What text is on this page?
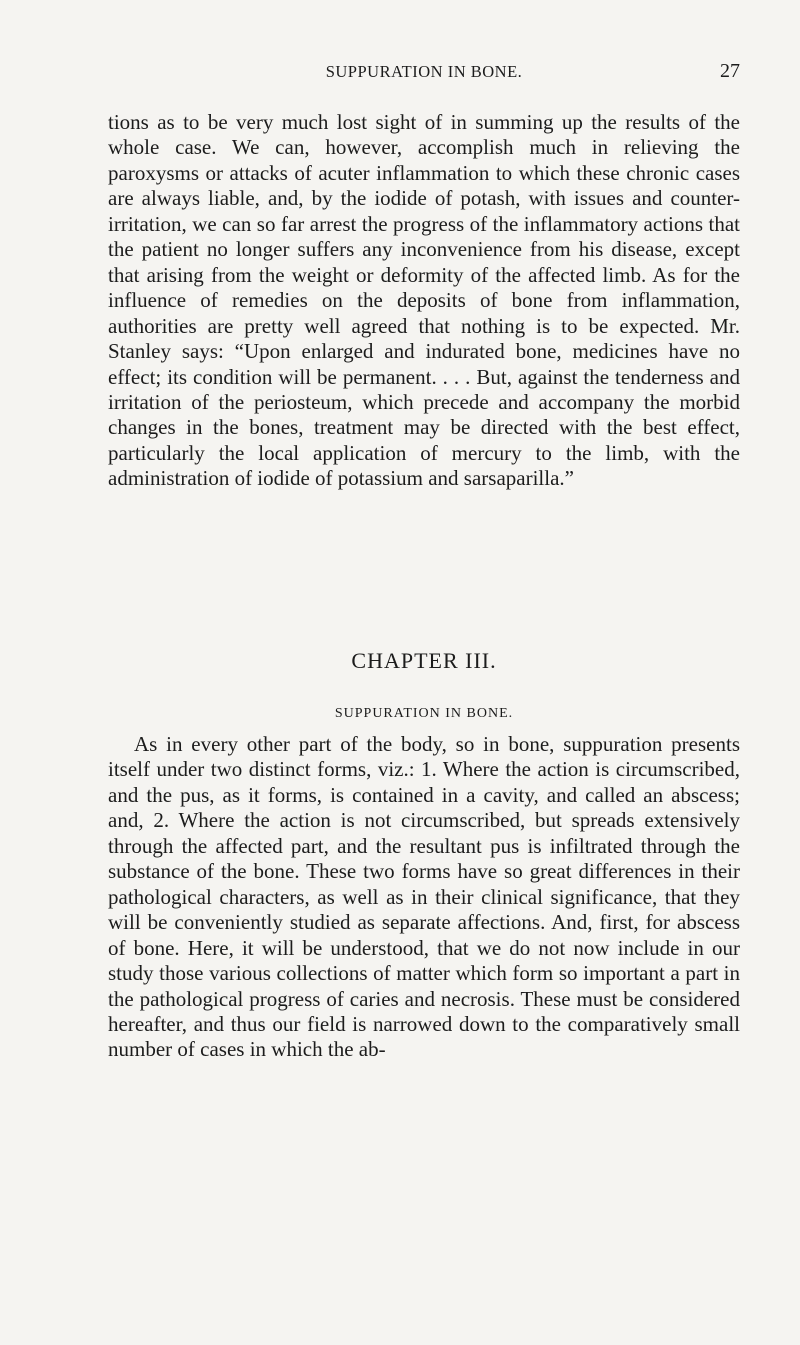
SUPPURATION IN BONE.	27

tions as to be very much lost sight of in summing up the results of the whole case. We can, however, accomplish much in relieving the paroxysms or attacks of acuter inflammation to which these chronic cases are always liable, and, by the iodide of potash, with issues and counter-irritation, we can so far arrest the progress of the inflammatory actions that the patient no longer suffers any inconvenience from his disease, except that arising from the weight or deformity of the affected limb. As for the influence of remedies on the deposits of bone from inflammation, authorities are pretty well agreed that nothing is to be expected. Mr. Stanley says: “Upon enlarged and indurated bone, medicines have no effect; its condition will be permanent. . . . But, against the tenderness and irritation of the periosteum, which precede and accompany the morbid changes in the bones, treatment may be directed with the best effect, particularly the local application of mercury to the limb, with the administration of iodide of potassium and sarsaparilla.”

CHAPTER III.
SUPPURATION IN BONE.

As in every other part of the body, so in bone, suppuration presents itself under two distinct forms, viz.: 1. Where the action is circumscribed, and the pus, as it forms, is contained in a cavity, and called an abscess; and, 2. Where the action is not circumscribed, but spreads extensively through the affected part, and the resultant pus is infiltrated through the substance of the bone. These two forms have so great differences in their pathological characters, as well as in their clinical significance, that they will be conveniently studied as separate affections. And, first, for abscess of bone. Here, it will be understood, that we do not now include in our study those various collections of matter which form so important a part in the pathological progress of caries and necrosis. These must be considered hereafter, and thus our field is narrowed down to the comparatively small number of cases in which the ab-
